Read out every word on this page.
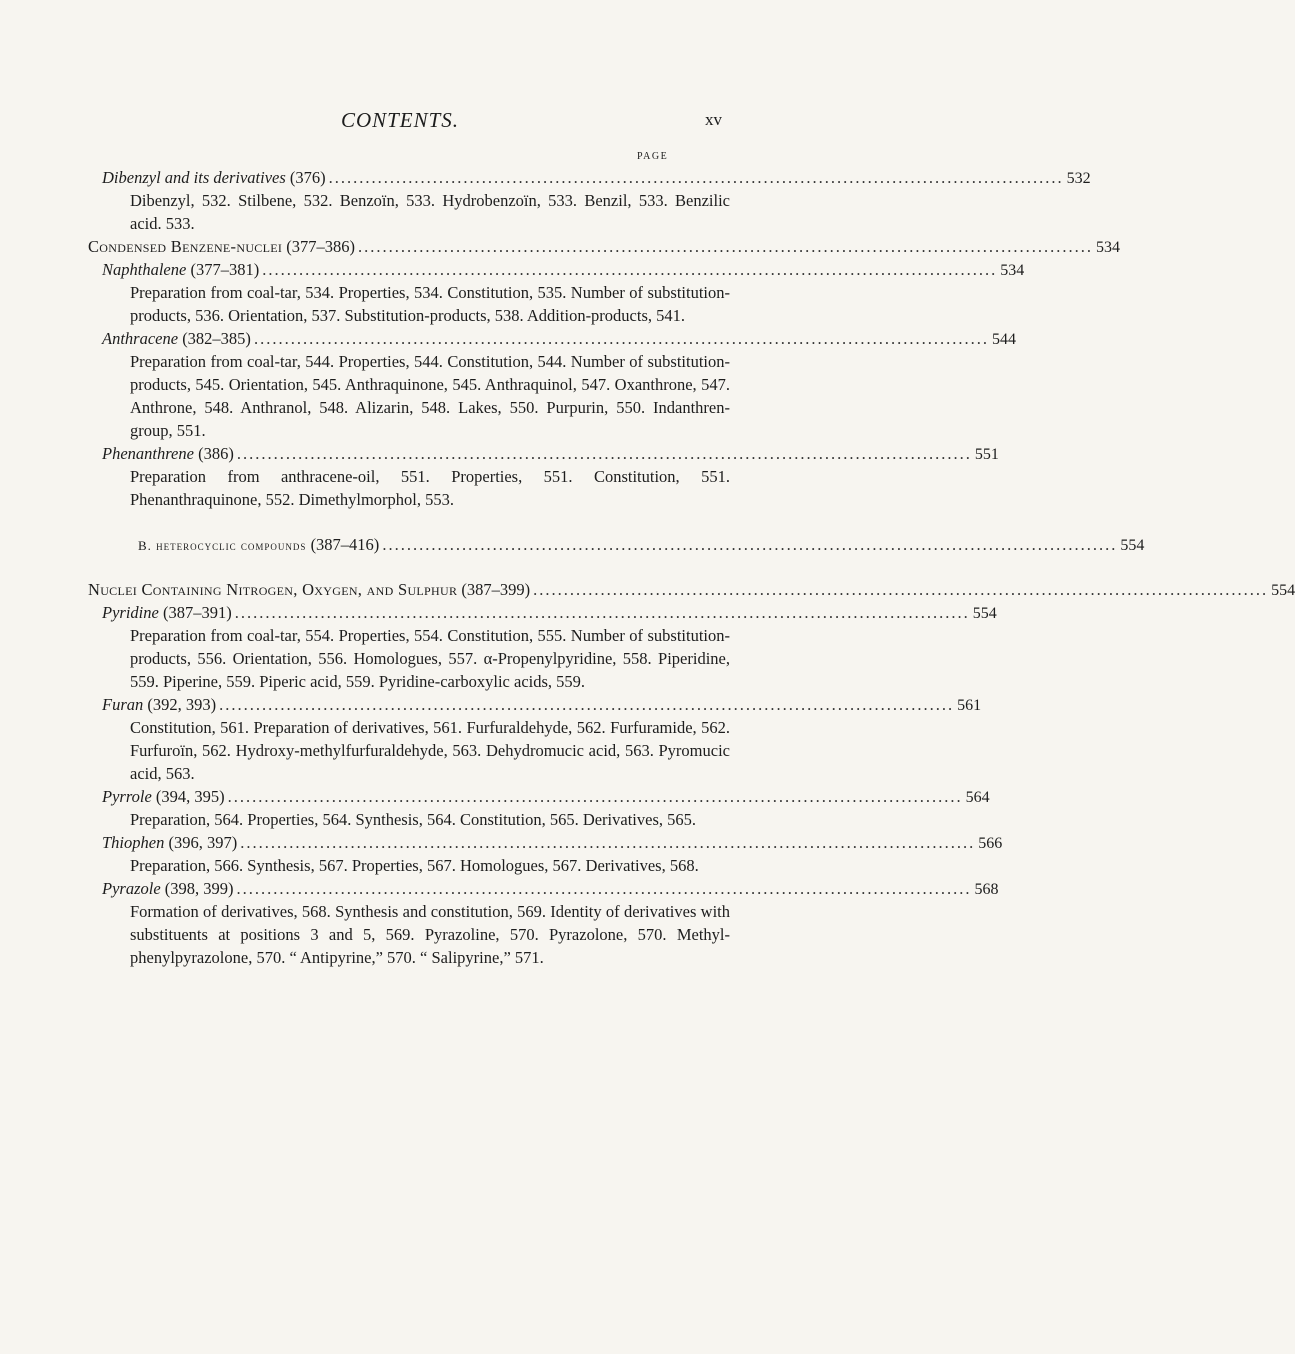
CONTENTS.	xv
PAGE
Dibenzyl and its derivatives (376) ........................................................................................................................ 532

Dibenzyl, 532. Stilbene, 532. Benzoïn, 533. Hydrobenzoïn, 533. Benzil, 533. Benzilic acid. 533.

Condensed Benzene-nuclei (377–386) ........................................................................................................................ 534
Naphthalene (377–381) ........................................................................................................................ 534

Preparation from coal-tar, 534. Properties, 534. Constitution, 535. Number of substitution-products, 536. Orientation, 537. Substitution-products, 538. Addition-products, 541.

Anthracene (382–385) ........................................................................................................................ 544

Preparation from coal-tar, 544. Properties, 544. Constitution, 544. Number of substitution-products, 545. Orientation, 545. Anthraquinone, 545. Anthraquinol, 547. Oxanthrone, 547. Anthrone, 548. Anthranol, 548. Alizarin, 548. Lakes, 550. Purpurin, 550. Indanthren-group, 551.

Phenanthrene (386) ........................................................................................................................ 551

Preparation from anthracene-oil, 551. Properties, 551. Constitution, 551. Phenanthraquinone, 552. Dimethylmorphol, 553.

B. heterocyclic compounds (387–416) ........................................................................................................................ 554
Nuclei Containing Nitrogen, Oxygen, and Sulphur (387–399) ........................................................................................................................ 554
Pyridine (387–391) ........................................................................................................................ 554

Preparation from coal-tar, 554. Properties, 554. Constitution, 555. Number of substitution-products, 556. Orientation, 556. Homologues, 557. α-Propenylpyridine, 558. Piperidine, 559. Piperine, 559. Piperic acid, 559. Pyridine-carboxylic acids, 559.

Furan (392, 393) ........................................................................................................................ 561

Constitution, 561. Preparation of derivatives, 561. Furfuraldehyde, 562. Furfuramide, 562. Furfuroïn, 562. Hydroxy-methylfurfuraldehyde, 563. Dehydromucic acid, 563. Pyromucic acid, 563.

Pyrrole (394, 395) ........................................................................................................................ 564

Preparation, 564. Properties, 564. Synthesis, 564. Constitution, 565. Derivatives, 565.

Thiophen (396, 397) ........................................................................................................................ 566

Preparation, 566. Synthesis, 567. Properties, 567. Homologues, 567. Derivatives, 568.

Pyrazole (398, 399) ........................................................................................................................ 568

Formation of derivatives, 568. Synthesis and constitution, 569. Identity of derivatives with substituents at positions 3 and 5, 569. Pyrazoline, 570. Pyrazolone, 570. Methyl-phenylpyrazolone, 570. “ Antipyrine,” 570. “ Salipyrine,” 571.
